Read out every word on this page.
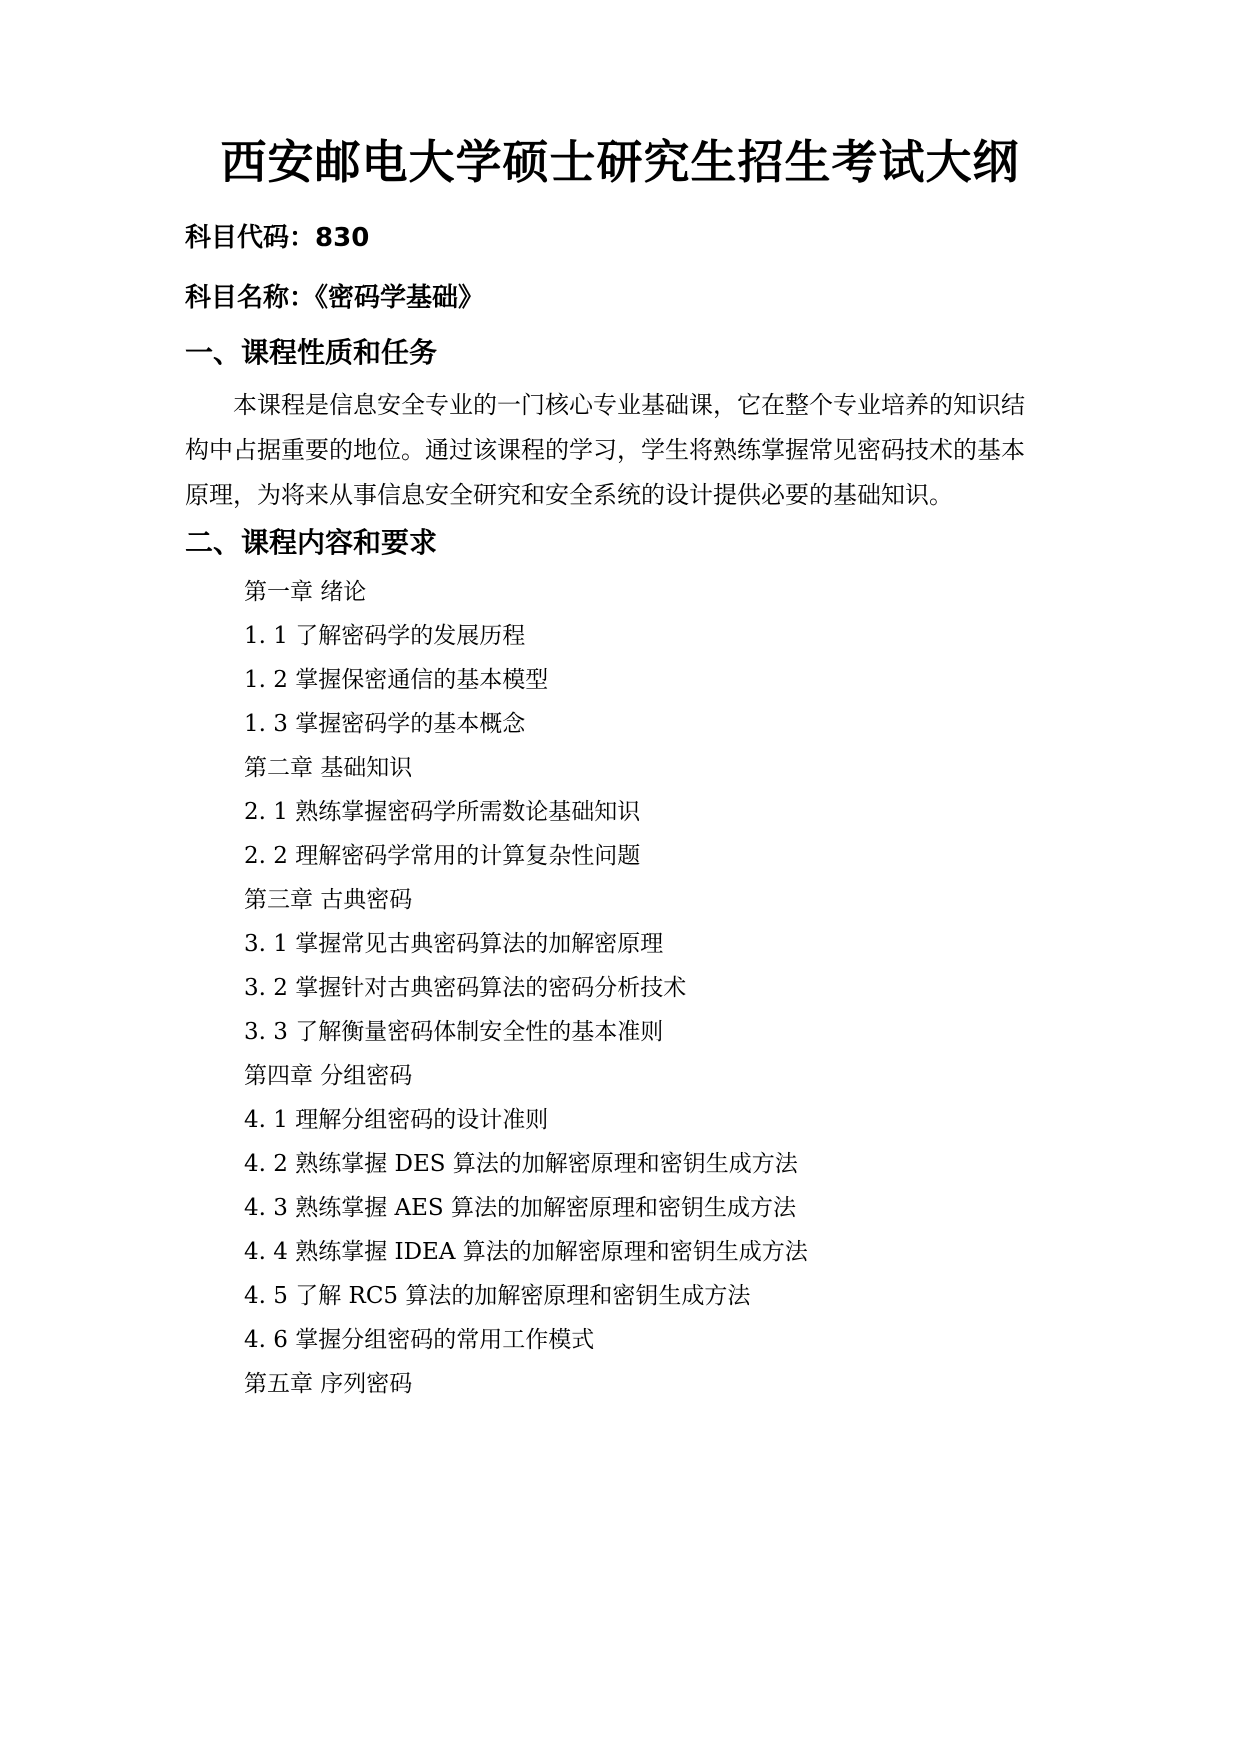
西安邮电大学硕士研究生招生考试大纲
科目代码：830
科目名称：《密码学基础》
一、课程性质和任务
本课程是信息安全专业的一门核心专业基础课，它在整个专业培养的知识结
构中占据重要的地位。通过该课程的学习，学生将熟练掌握常见密码技术的基本
原理，为将来从事信息安全研究和安全系统的设计提供必要的基础知识。
二、课程内容和要求
第一章 绪论
1. 1 了解密码学的发展历程
1. 2 掌握保密通信的基本模型
1. 3 掌握密码学的基本概念
第二章 基础知识
2. 1 熟练掌握密码学所需数论基础知识
2. 2 理解密码学常用的计算复杂性问题
第三章 古典密码
3. 1 掌握常见古典密码算法的加解密原理
3. 2 掌握针对古典密码算法的密码分析技术
3. 3 了解衡量密码体制安全性的基本准则
第四章 分组密码
4. 1 理解分组密码的设计准则
4. 2 熟练掌握 DES 算法的加解密原理和密钥生成方法
4. 3 熟练掌握 AES 算法的加解密原理和密钥生成方法
4. 4 熟练掌握 IDEA 算法的加解密原理和密钥生成方法
4. 5 了解 RC5 算法的加解密原理和密钥生成方法
4. 6 掌握分组密码的常用工作模式
第五章 序列密码
